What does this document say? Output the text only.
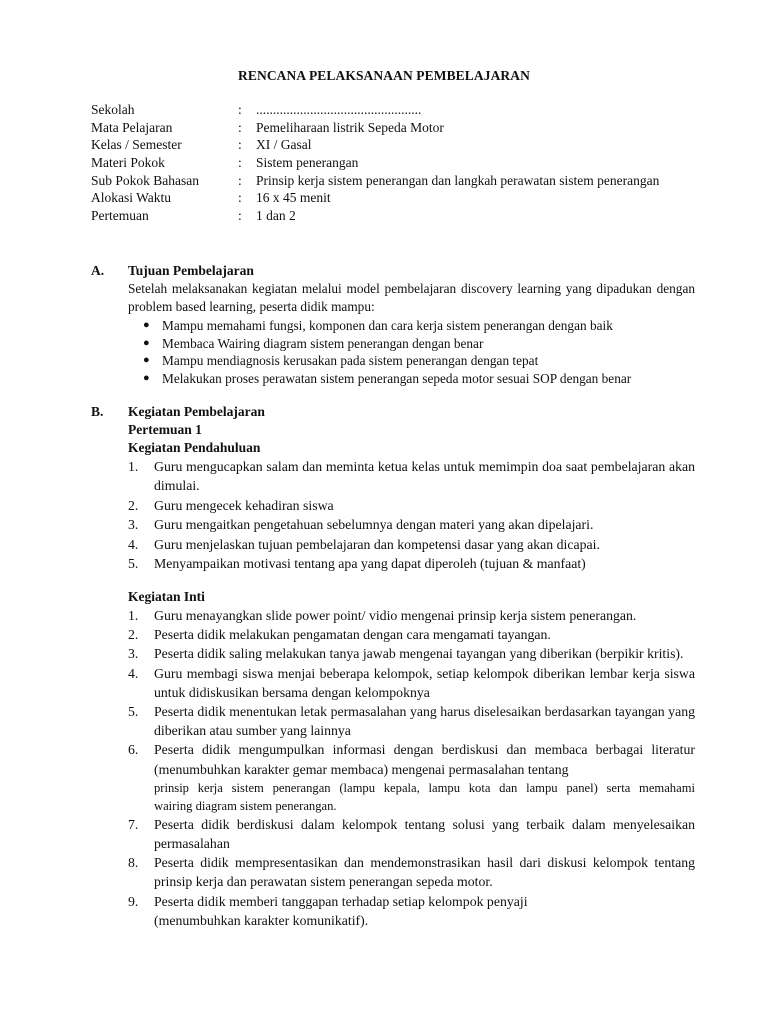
RENCANA PELAKSANAAN PEMBELAJARAN
Sekolah	:	.................................................
Mata Pelajaran	:	Pemeliharaan listrik Sepeda Motor
Kelas / Semester	:	XI / Gasal
Materi Pokok	:	Sistem penerangan
Sub Pokok Bahasan	:	Prinsip kerja sistem penerangan dan langkah perawatan sistem penerangan
Alokasi Waktu	:	16 x 45 menit
Pertemuan	:	1 dan 2
A.	Tujuan Pembelajaran
Setelah melaksanakan kegiatan melalui model pembelajaran discovery learning yang dipadukan dengan problem based learning, peserta didik mampu:
● Mampu memahami fungsi, komponen dan cara kerja sistem penerangan dengan baik
● Membaca Wairing diagram sistem penerangan dengan benar
● Mampu mendiagnosis kerusakan pada sistem penerangan dengan tepat
● Melakukan proses perawatan sistem penerangan sepeda motor sesuai SOP dengan benar
B.	Kegiatan Pembelajaran
Pertemuan 1
Kegiatan Pendahuluan
1.	Guru mengucapkan salam dan meminta ketua kelas untuk memimpin doa saat pembelajaran akan dimulai.
2.	Guru mengecek kehadiran siswa
3.	Guru mengaitkan pengetahuan sebelumnya dengan materi yang akan dipelajari.
4.	Guru menjelaskan tujuan pembelajaran dan kompetensi dasar yang akan dicapai.
5.	Menyampaikan motivasi tentang apa yang dapat diperoleh (tujuan & manfaat)
Kegiatan Inti
1.	Guru menayangkan slide power point/ vidio mengenai prinsip kerja sistem penerangan.
2.	Peserta didik melakukan pengamatan dengan cara mengamati tayangan.
3.	Peserta didik saling melakukan tanya jawab mengenai tayangan yang diberikan (berpikir kritis).
4.	Guru membagi siswa menjai beberapa kelompok, setiap kelompok diberikan lembar kerja siswa untuk didiskusikan bersama dengan kelompoknya
5.	Peserta didik menentukan letak permasalahan yang harus diselesaikan berdasarkan tayangan yang diberikan atau sumber yang lainnya
6.	Peserta didik mengumpulkan informasi dengan berdiskusi dan membaca berbagai literatur (menumbuhkan karakter gemar membaca) mengenai permasalahan tentang
prinsip kerja sistem penerangan (lampu kepala, lampu kota dan lampu panel) serta memahami
wairing diagram sistem penerangan.
7.	Peserta didik berdiskusi dalam kelompok tentang solusi yang terbaik dalam menyelesaikan permasalahan
8.	Peserta didik mempresentasikan dan mendemonstrasikan hasil dari diskusi kelompok tentang prinsip kerja dan perawatan sistem penerangan sepeda motor.
9.	Peserta didik memberi tanggapan terhadap setiap kelompok penyaji
(menumbuhkan karakter komunikatif).
